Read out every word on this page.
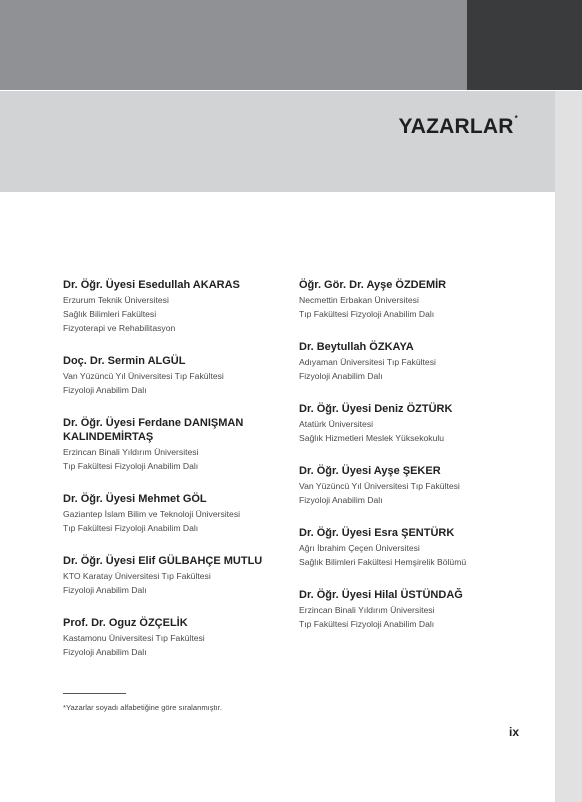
YAZARLAR*

Dr. Öğr. Üyesi Esedullah AKARAS

Erzurum Teknik Üniversitesi

Sağlık Bilimleri Fakültesi

Fizyoterapi ve Rehabilitasyon

Doç. Dr. Sermin ALGÜL

Van Yüzüncü Yıl Üniversitesi Tıp Fakültesi

Fizyoloji Anabilim Dalı

Dr. Öğr. Üyesi Ferdane DANIŞMAN KALINDEMİRTAŞ

Erzincan Binali Yıldırım Üniversitesi

Tıp Fakültesi Fizyoloji Anabilim Dalı

Dr. Öğr. Üyesi Mehmet GÖL

Gaziantep İslam Bilim ve Teknoloji Üniversitesi

Tıp Fakültesi Fizyoloji Anabilim Dalı

Dr. Öğr. Üyesi Elif GÜLBAHÇE MUTLU

KTO Karatay Üniversitesi Tıp Fakültesi

Fizyoloji Anabilim Dalı

Prof. Dr. Oguz ÖZÇELİK

Kastamonu Üniversitesi Tıp Fakültesi

Fizyoloji Anabilim Dalı

Öğr. Gör. Dr. Ayşe ÖZDEMİR

Necmettin Erbakan Üniversitesi

Tıp Fakültesi Fizyoloji Anabilim Dalı

Dr. Beytullah ÖZKAYA

Adıyaman Üniversitesi Tıp Fakültesi

Fizyoloji Anabilim Dalı

Dr. Öğr. Üyesi Deniz ÖZTÜRK

Atatürk Üniversitesi

Sağlık Hizmetleri Meslek Yüksekokulu

Dr. Öğr. Üyesi Ayşe ŞEKER

Van Yüzüncü Yıl Üniversitesi Tıp Fakültesi

Fizyoloji Anabilim Dalı

Dr. Öğr. Üyesi Esra ŞENTÜRK

Ağrı İbrahim Çeçen Üniversitesi

Sağlık Bilimleri Fakültesi Hemşirelik Bölümü

Dr. Öğr. Üyesi Hilal ÜSTÜNDAĞ

Erzincan Binali Yıldırım Üniversitesi

Tıp Fakültesi Fizyoloji Anabilim Dalı

*Yazarlar soyadı alfabetiğine göre sıralanmıştır.
ix
